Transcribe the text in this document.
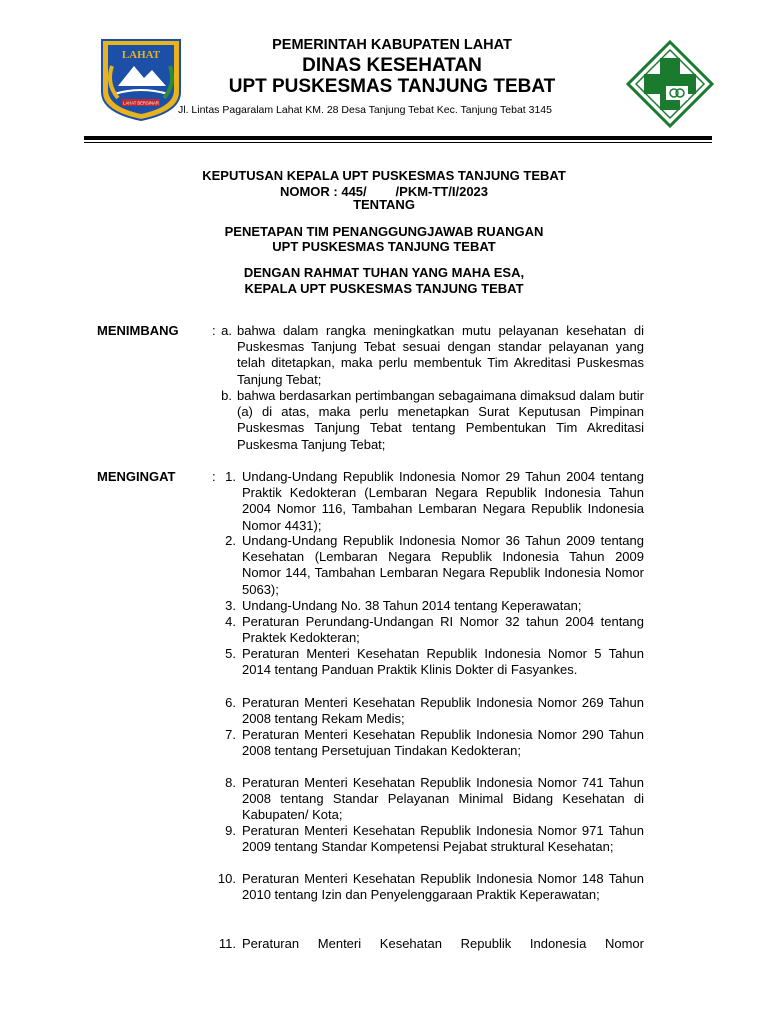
LAHAT
LAHAT BERSINAR
PEMERINTAH KABUPATEN LAHAT
DINAS KESEHATAN
UPT PUSKESMAS TANJUNG TEBAT
Jl. Lintas Pagaralam Lahat KM. 28 Desa Tanjung Tebat Kec. Tanjung Tebat 3145
KEPUTUSAN KEPALA UPT PUSKESMAS TANJUNG TEBAT
NOMOR : 445/        /PKM-TT/I/2023
TENTANG
PENETAPAN TIM PENANGGUNGJAWAB RUANGAN
UPT PUSKESMAS TANJUNG TEBAT
DENGAN RAHMAT TUHAN YANG MAHA ESA,
KEPALA UPT PUSKESMAS TANJUNG TEBAT
MENIMBANG	: a. bahwa dalam rangka meningkatkan mutu pelayanan kesehatan di Puskesmas Tanjung Tebat sesuai dengan standar pelayanan yang telah ditetapkan, maka perlu membentuk Tim Akreditasi Puskesmas Tanjung Tebat;
b. bahwa berdasarkan pertimbangan sebagaimana dimaksud dalam butir (a) di atas, maka perlu menetapkan Surat Keputusan Pimpinan Puskesmas Tanjung Tebat tentang Pembentukan Tim Akreditasi Puskesma Tanjung Tebat;
MENGINGAT	: 1. Undang-Undang Republik Indonesia Nomor 29 Tahun 2004 tentang Praktik Kedokteran (Lembaran Negara Republik Indonesia Tahun 2004 Nomor 116, Tambahan Lembaran Negara Republik Indonesia Nomor 4431);
2. Undang-Undang Republik Indonesia Nomor 36 Tahun 2009 tentang Kesehatan (Lembaran Negara Republik Indonesia Tahun 2009 Nomor 144, Tambahan Lembaran Negara Republik Indonesia Nomor 5063);
3. Undang-Undang No. 38 Tahun 2014 tentang Keperawatan;
4. Peraturan Perundang-Undangan RI Nomor 32 tahun 2004 tentang Praktek Kedokteran;
5. Peraturan Menteri Kesehatan Republik Indonesia Nomor 5 Tahun 2014 tentang Panduan Praktik Klinis Dokter di Fasyankes.
6. Peraturan Menteri Kesehatan Republik Indonesia Nomor 269 Tahun 2008 tentang Rekam Medis;
7. Peraturan Menteri Kesehatan Republik Indonesia Nomor 290 Tahun 2008 tentang Persetujuan Tindakan Kedokteran;
8. Peraturan Menteri Kesehatan Republik Indonesia Nomor 741 Tahun 2008 tentang Standar Pelayanan Minimal Bidang Kesehatan di Kabupaten/ Kota;
9. Peraturan Menteri Kesehatan Republik Indonesia Nomor 971 Tahun 2009 tentang Standar Kompetensi Pejabat struktural Kesehatan;
10. Peraturan Menteri Kesehatan Republik Indonesia Nomor 148 Tahun 2010 tentang Izin dan Penyelenggaraan Praktik Keperawatan;
11. Peraturan Menteri Kesehatan Republik Indonesia Nomor
